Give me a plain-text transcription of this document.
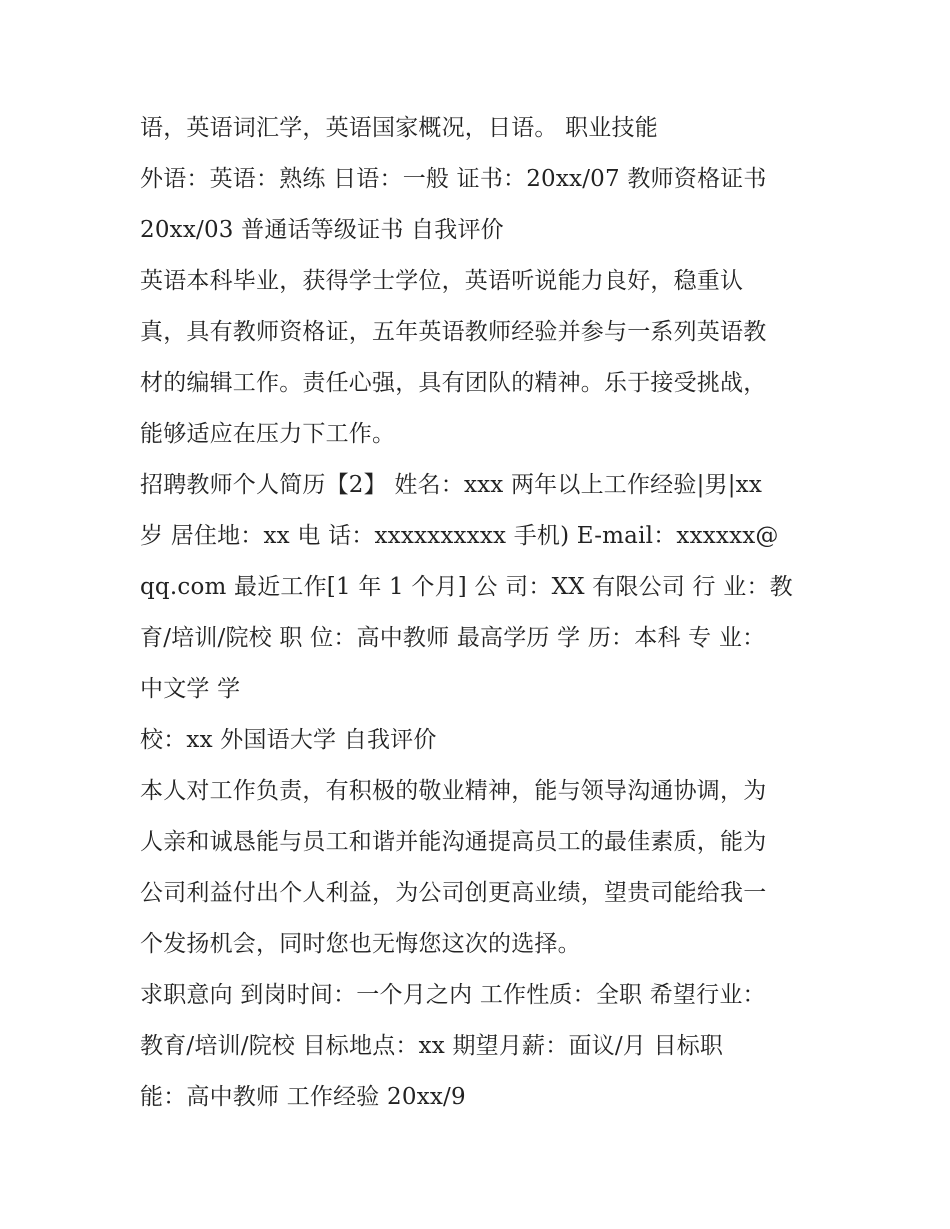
语，英语词汇学，英语国家概况，日语。 职业技能
外语：英语：熟练 日语：一般 证书：20xx/07 教师资格证书
20xx/03 普通话等级证书 自我评价
英语本科毕业，获得学士学位，英语听说能力良好，稳重认
真，具有教师资格证，五年英语教师经验并参与一系列英语教
材的编辑工作。责任心强，具有团队的精神。乐于接受挑战，
能够适应在压力下工作。
招聘教师个人简历【2】 姓名：xxx 两年以上工作经验|男|xx
岁 居住地：xx 电 话：xxxxxxxxxx 手机) E-mail：xxxxxx@
qq.com 最近工作[1 年 1 个月] 公 司：XX 有限公司 行 业：教
育/培训/院校 职 位：高中教师 最高学历 学 历：本科 专 业：
中文学 学
校：xx 外国语大学 自我评价
本人对工作负责，有积极的敬业精神，能与领导沟通协调，为
人亲和诚恳能与员工和谐并能沟通提高员工的最佳素质，能为
公司利益付出个人利益，为公司创更高业绩，望贵司能给我一
个发扬机会，同时您也无悔您这次的选择。
求职意向 到岗时间：一个月之内 工作性质：全职 希望行业：
教育/培训/院校 目标地点：xx 期望月薪：面议/月 目标职
能：高中教师 工作经验 20xx/9
